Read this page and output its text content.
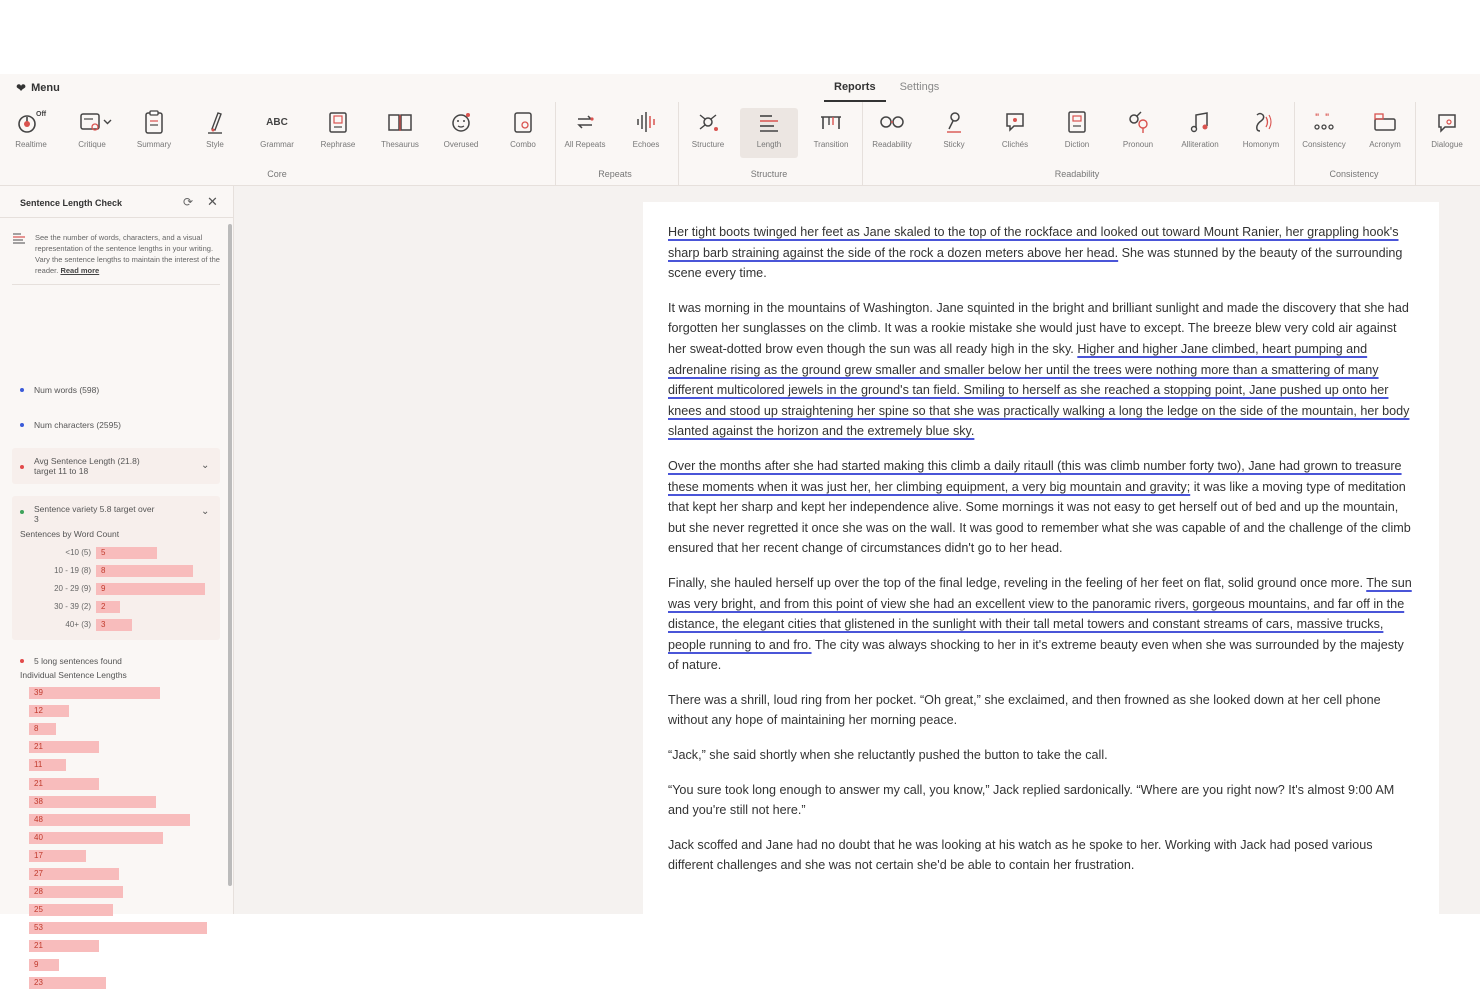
❤ Menu	Reports	Settings
Off
Realtime	Critique	Summary	Style
ABC
Grammar	Rephrase	Thesaurus	Overused	Combo
Core
All Repeats	Echoes
Repeats
Structure	Length	Transition
Structure
Readability	Sticky	Clichés	Diction	Pronoun	Alliteration	Homonym
Readability
" "
Consistency	Acronym
Consistency
Dialogue
Sentence Length Check	⟳ ✕

See the number of words, characters, and a visual representation of the sentence lengths in your writing. Vary the sentence lengths to maintain the interest of the reader. Read more

Num words (598)
Num characters (2595)
Avg Sentence Length (21.8)
target 11 to 18	⌄
Sentence variety 5.8 target over
3
⌄
Sentences by Word Count
<10 (5)	5
10 - 19 (8)	8
20 - 29 (9)	9
30 - 39 (2)	2
40+ (3)	3
5 long sentences found
Individual Sentence Lengths
39
12
8
21
11
21
38
48
40
17
27
28
25
53
21
9
23

Her tight boots twinged her feet as Jane skaled to the top of the rockface and looked out toward Mount Ranier, her grappling hook's sharp barb straining against the side of the rock a dozen meters above her head. She was stunned by the beauty of the surrounding scene every time.

It was morning in the mountains of Washington. Jane squinted in the bright and brilliant sunlight and made the discovery that she had forgotten her sunglasses on the climb. It was a rookie mistake she would just have to except. The breeze blew very cold air against her sweat-dotted brow even though the sun was all ready high in the sky. Higher and higher Jane climbed, heart pumping and adrenaline rising as the ground grew smaller and smaller below her until the trees were nothing more than a smattering of many different multicolored jewels in the ground's tan field. Smiling to herself as she reached a stopping point, Jane pushed up onto her knees and stood up straightening her spine so that she was practically walking a long the ledge on the side of the mountain, her body slanted against the horizon and the extremely blue sky.

Over the months after she had started making this climb a daily ritaull (this was climb number forty two), Jane had grown to treasure these moments when it was just her, her climbing equipment, a very big mountain and gravity; it was like a moving type of meditation that kept her sharp and kept her independence alive. Some mornings it was not easy to get herself out of bed and up the mountain, but she never regretted it once she was on the wall. It was good to remember what she was capable of and the challenge of the climb ensured that her recent change of circumstances didn't go to her head.

Finally, she hauled herself up over the top of the final ledge, reveling in the feeling of her feet on flat, solid ground once more. The sun was very bright, and from this point of view she had an excellent view to the panoramic rivers, gorgeous mountains, and far off in the distance, the elegant cities that glistened in the sunlight with their tall metal towers and constant streams of cars, massive trucks, people running to and fro. The city was always shocking to her in it's extreme beauty even when she was surrounded by the majesty of nature.

There was a shrill, loud ring from her pocket. “Oh great,” she exclaimed, and then frowned as she looked down at her cell phone without any hope of maintaining her morning peace.

“Jack,” she said shortly when she reluctantly pushed the button to take the call.

“You sure took long enough to answer my call, you know,” Jack replied sardonically. “Where are you right now? It's almost 9:00 AM and you're still not here.”

Jack scoffed and Jane had no doubt that he was looking at his watch as he spoke to her. Working with Jack had posed various different challenges and she was not certain she'd be able to contain her frustration.
